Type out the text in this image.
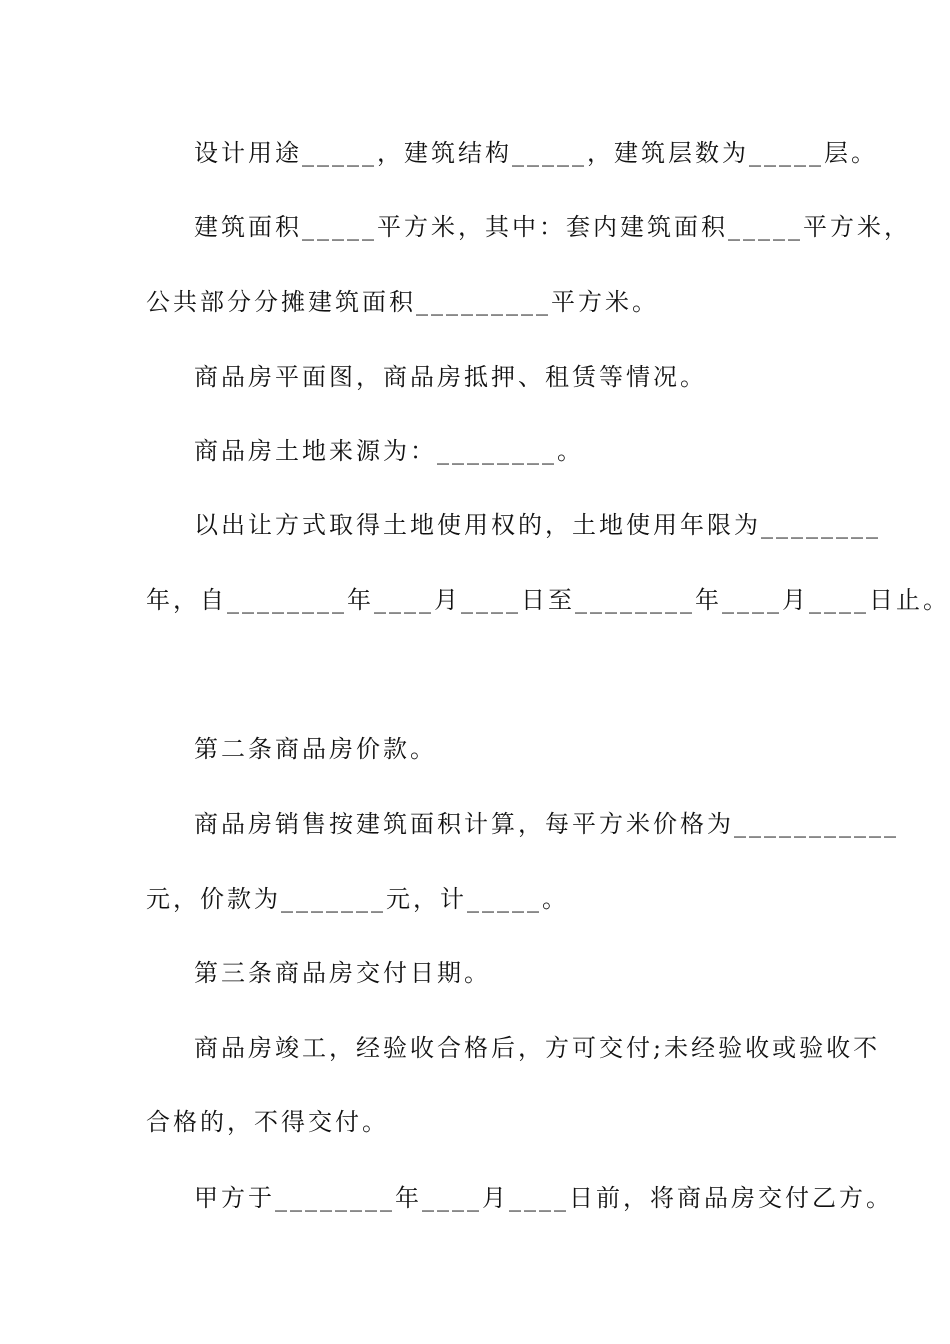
设计用途_____，建筑结构_____，建筑层数为_____层。
建筑面积_____平方米，其中：套内建筑面积_____平方米，
公共部分分摊建筑面积_________平方米。
商品房平面图，商品房抵押、租赁等情况。
商品房土地来源为：________。
以出让方式取得土地使用权的，土地使用年限为________
年，自________年____月____日至________年____月____日止。
第二条商品房价款。
商品房销售按建筑面积计算，每平方米价格为___________
元，价款为_______元，计_____。
第三条商品房交付日期。
商品房竣工，经验收合格后，方可交付;未经验收或验收不
合格的，不得交付。
甲方于________年____月____日前，将商品房交付乙方。
